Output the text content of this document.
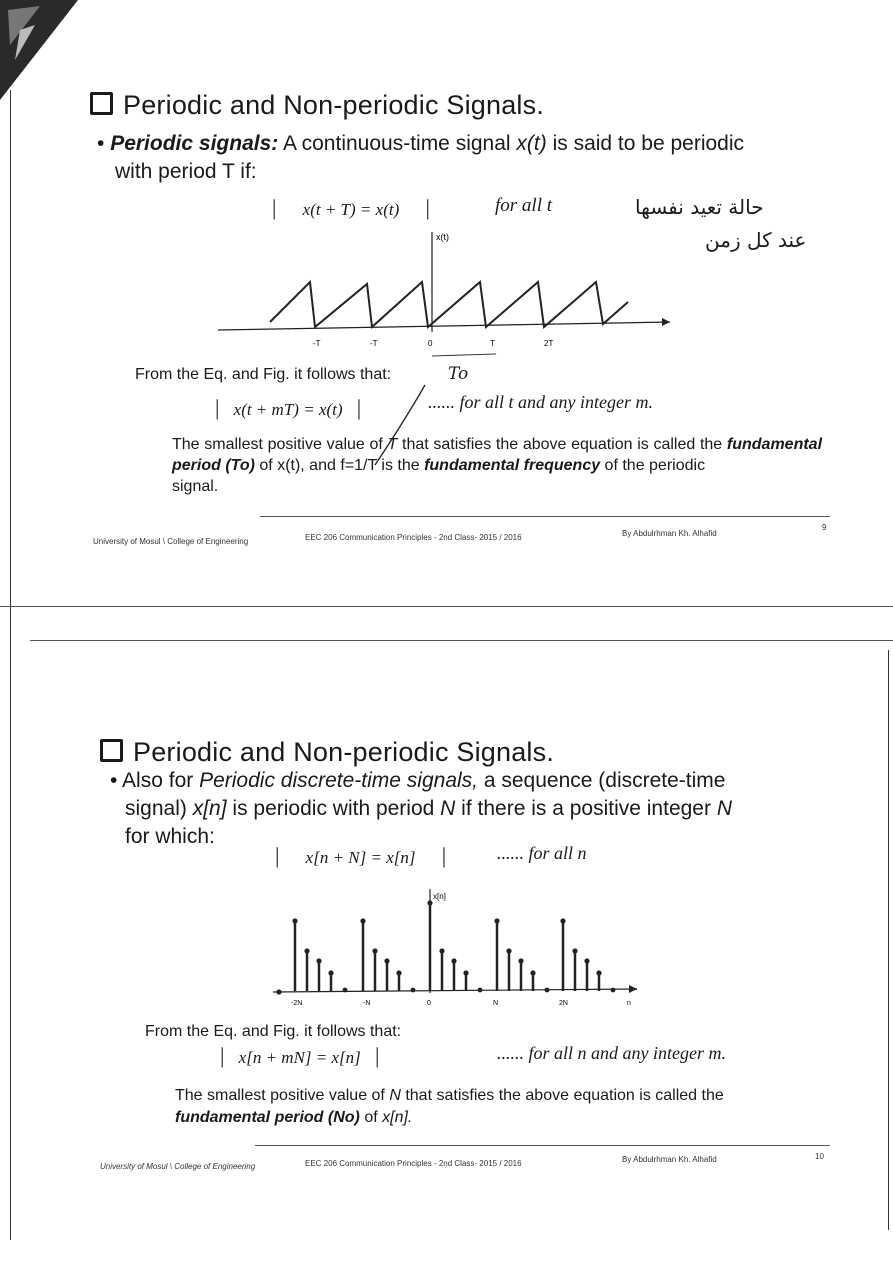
Periodic and Non-periodic Signals.
• Periodic signals: A continuous-time signal x(t) is said to be periodic
with period T if:
| x(t + T) = x(t) |	for all t	حالة تعيد نفسها
عند كل زمن
x(t)
-T	-T	0	T	2T
From the Eq. and Fig. it follows that:	To
| x(t + mT) = x(t) |	...... for all t and any integer m.
The smallest positive value of T that satisfies the above equation is called the fundamental period (To) of x(t), and f=1/T is the fundamental frequency of the periodic
signal.
University of Mosul \ College of Engineering	EEC 206 Communication Principles - 2nd Class- 2015 / 2016	By Abdulrhman Kh. Alhafid
9
Periodic and Non-periodic Signals.
• Also for Periodic discrete-time signals, a sequence (discrete-time
signal) x[n] is periodic with period N if there is a positive integer N
for which:
| x[n + N] = x[n] |	...... for all n
x[n]
-2N	-N	0	N	2N	n
From the Eq. and Fig. it follows that:
| x[n + mN] = x[n] |	...... for all n and any integer m.
The smallest positive value of N that satisfies the above equation is called the
fundamental period (No) of x[n].
University of Mosul \ College of Engineering	EEC 206 Communication Principles - 2nd Class- 2015 / 2016	By Abdulrhman Kh. Alhafid	10
